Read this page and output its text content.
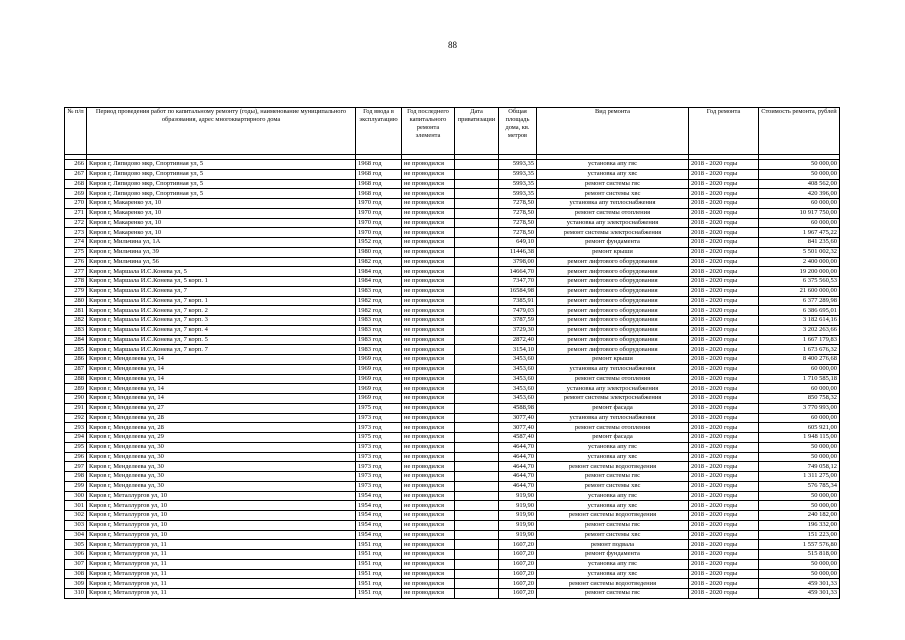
88
№ п/п	Период проведения работ по капитальному ремонту (годы), наименование муниципального образования, адрес многоквартирного дома	Год ввода в эксплуатацию	Год последнего капитального ремонта элемента	Дата приватизации	Общая площадь дома, кв. метров	Вид ремонта	Год ремонта	Стоимость ремонта, рублей

266	Киров г, Ляпидово мкр, Спортивная ул, 5	1968 год	не проводился		5993,35	установка апу гвс	2018 - 2020 годы	50 000,00
267	Киров г, Ляпидово мкр, Спортивная ул, 5	1968 год	не проводился		5993,35	установка апу хвс	2018 - 2020 годы	50 000,00
268	Киров г, Ляпидово мкр, Спортивная ул, 5	1968 год	не проводился		5993,35	ремонт системы гвс	2018 - 2020 годы	408 562,00
269	Киров г, Ляпидово мкр, Спортивная ул, 5	1968 год	не проводился		5993,35	ремонт системы хвс	2018 - 2020 годы	420 396,00
270	Киров г, Макаренко ул, 10	1970 год	не проводился		7278,50	установка апу теплоснабжения	2018 - 2020 годы	60 000,00
271	Киров г, Макаренко ул, 10	1970 год	не проводился		7278,50	ремонт системы отопления	2018 - 2020 годы	10 917 750,00
272	Киров г, Макаренко ул, 10	1970 год	не проводился		7278,50	установка апу электроснабжения	2018 - 2020 годы	60 000,00
273	Киров г, Макаренко ул, 10	1970 год	не проводился		7278,50	ремонт системы электроснабжения	2018 - 2020 годы	1 967 475,22
274	Киров г, Мильчина ул, 1А	1952 год	не проводился		649,10	ремонт фундамента	2018 - 2020 годы	841 235,60
275	Киров г, Мильчина ул, 39	1980 год	не проводился		11446,38	ремонт крыши	2018 - 2020 годы	5 501 002,32
276	Киров г, Мильчина ул, 56	1982 год	не проводился		3798,00	ремонт лифтового оборудования	2018 - 2020 годы	2 400 000,00
277	Киров г, Маршала И.С.Конева ул, 5	1984 год	не проводился		14664,70	ремонт лифтового оборудования	2018 - 2020 годы	19 200 000,00
278	Киров г, Маршала И.С.Конева ул, 5 корп. 1	1984 год	не проводился		7347,70	ремонт лифтового оборудования	2018 - 2020 годы	6 375 560,53
279	Киров г, Маршала И.С.Конева ул, 7	1983 год	не проводился		16584,98	ремонт лифтового оборудования	2018 - 2020 годы	21 600 000,00
280	Киров г, Маршала И.С.Конева ул, 7 корп. 1	1982 год	не проводился		7385,91	ремонт лифтового оборудования	2018 - 2020 годы	6 377 289,98
281	Киров г, Маршала И.С.Конева ул, 7 корп. 2	1982 год	не проводился		7479,03	ремонт лифтового оборудования	2018 - 2020 годы	6 386 695,01
282	Киров г, Маршала И.С.Конева ул, 7 корп. 3	1983 год	не проводился		3787,59	ремонт лифтового оборудования	2018 - 2020 годы	3 182 614,16
283	Киров г, Маршала И.С.Конева ул, 7 корп. 4	1983 год	не проводился		3729,30	ремонт лифтового оборудования	2018 - 2020 годы	3 202 263,66
284	Киров г, Маршала И.С.Конева ул, 7 корп. 5	1983 год	не проводился		2872,40	ремонт лифтового оборудования	2018 - 2020 годы	1 667 179,83
285	Киров г, Маршала И.С.Конева ул, 7 корп. 7	1983 год	не проводился		3154,10	ремонт лифтового оборудования	2018 - 2020 годы	1 673 676,32
286	Киров г, Менделеева ул, 14	1969 год	не проводился		3453,60	ремонт крыши	2018 - 2020 годы	8 400 276,68
287	Киров г, Менделеева ул, 14	1969 год	не проводился		3453,60	установка апу теплоснабжения	2018 - 2020 годы	60 000,00
288	Киров г, Менделеева ул, 14	1969 год	не проводился		3453,60	ремонт системы отопления	2018 - 2020 годы	1 710 585,18
289	Киров г, Менделеева ул, 14	1969 год	не проводился		3453,60	установка апу электроснабжения	2018 - 2020 годы	60 000,00
290	Киров г, Менделеева ул, 14	1969 год	не проводился		3453,60	ремонт системы электроснабжения	2018 - 2020 годы	850 758,32
291	Киров г, Менделеева ул, 27	1975 год	не проводился		4588,98	ремонт фасада	2018 - 2020 годы	3 770 993,00
292	Киров г, Менделеева ул, 28	1973 год	не проводился		3077,40	установка апу теплоснабжения	2018 - 2020 годы	60 000,00
293	Киров г, Менделеева ул, 28	1973 год	не проводился		3077,40	ремонт системы отопления	2018 - 2020 годы	605 921,00
294	Киров г, Менделеева ул, 29	1975 год	не проводился		4587,40	ремонт фасада	2018 - 2020 годы	1 948 115,00
295	Киров г, Менделеева ул, 30	1973 год	не проводился		4644,70	установка апу гвс	2018 - 2020 годы	50 000,00
296	Киров г, Менделеева ул, 30	1973 год	не проводился		4644,70	установка апу хвс	2018 - 2020 годы	50 000,00
297	Киров г, Менделеева ул, 30	1973 год	не проводился		4644,70	ремонт системы водоотведения	2018 - 2020 годы	749 058,12
298	Киров г, Менделеева ул, 30	1973 год	не проводился		4644,70	ремонт системы гвс	2018 - 2020 годы	1 311 275,00
299	Киров г, Менделеева ул, 30	1973 год	не проводился		4644,70	ремонт системы хвс	2018 - 2020 годы	576 785,34
300	Киров г, Металлургов ул, 10	1954 год	не проводился		919,90	установка апу гвс	2018 - 2020 годы	50 000,00
301	Киров г, Металлургов ул, 10	1954 год	не проводился		919,90	установка апу хвс	2018 - 2020 годы	50 000,00
302	Киров г, Металлургов ул, 10	1954 год	не проводился		919,90	ремонт системы водоотведения	2018 - 2020 годы	240 182,00
303	Киров г, Металлургов ул, 10	1954 год	не проводился		919,90	ремонт системы гвс	2018 - 2020 годы	196 332,00
304	Киров г, Металлургов ул, 10	1954 год	не проводился		919,90	ремонт системы хвс	2018 - 2020 годы	151 223,00
305	Киров г, Металлургов ул, 11	1951 год	не проводился		1607,20	ремонт подвала	2018 - 2020 годы	1 557 576,80
306	Киров г, Металлургов ул, 11	1951 год	не проводился		1607,20	ремонт фундамента	2018 - 2020 годы	515 818,00
307	Киров г, Металлургов ул, 11	1951 год	не проводился		1607,20	установка апу гвс	2018 - 2020 годы	50 000,00
308	Киров г, Металлургов ул, 11	1951 год	не проводился		1607,20	установка апу хвс	2018 - 2020 годы	50 000,00
309	Киров г, Металлургов ул, 11	1951 год	не проводился		1607,20	ремонт системы водоотведения	2018 - 2020 годы	459 301,33
310	Киров г, Металлургов ул, 11	1951 год	не проводился		1607,20	ремонт системы гвс	2018 - 2020 годы	459 301,33
